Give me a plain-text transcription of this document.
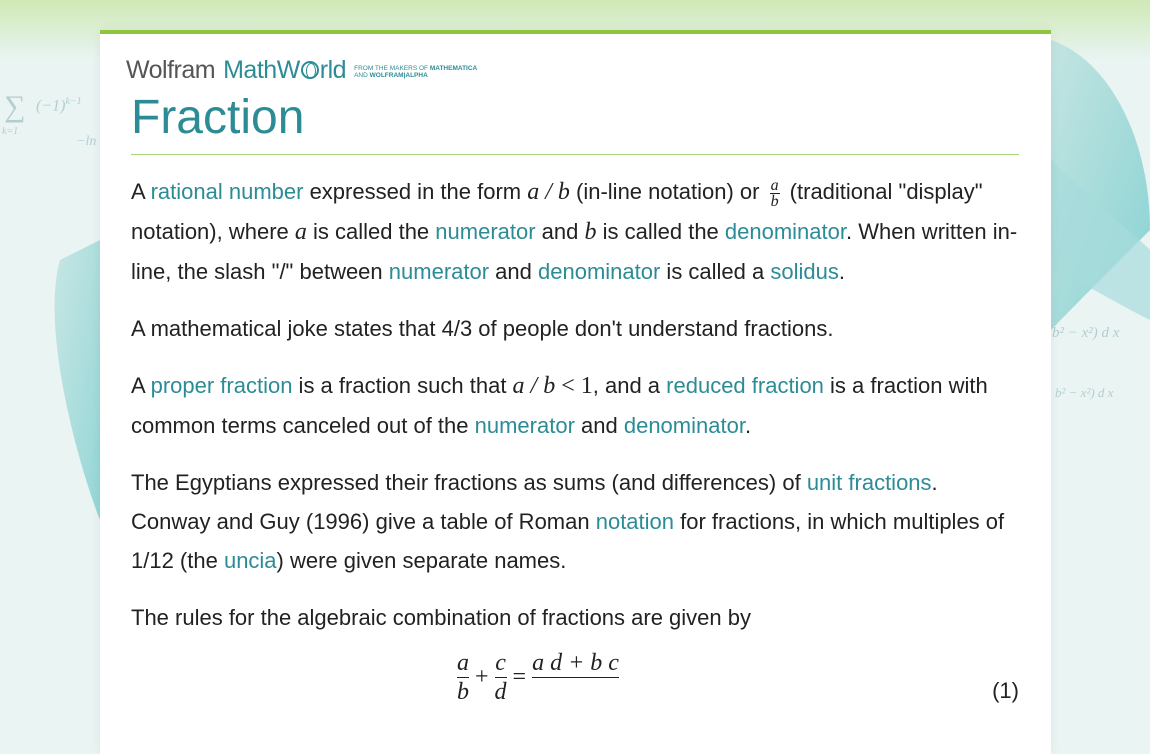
∑ $(-1)^{k-1}$
k=1
−ln
b² − x²) d x
b² − x²) d x
Wolfram MathW rld FROM THE MAKERS OF MATHEMATICA
AND WOLFRAM|ALPHA
Fraction

A rational number expressed in the form a / b (in-line notation) or $\frac{a}{b}$ (traditional "display" notation), where a is called the numerator and b is called the denominator. When written in-line, the slash "/" between numerator and denominator is called a solidus.

A mathematical joke states that 4/3 of people don't understand fractions.

A proper fraction is a fraction such that a / b < 1, and a reduced fraction is a fraction with common terms canceled out of the numerator and denominator.

The Egyptians expressed their fractions as sums (and differences) of unit fractions. Conway and Guy (1996) give a table of Roman notation for fractions, in which multiples of 1/12 (the uncia) were given separate names.

The rules for the algebraic combination of fractions are given by

$\frac{a}{b} + \frac{c}{d}$ =
a d + b c

(1)
